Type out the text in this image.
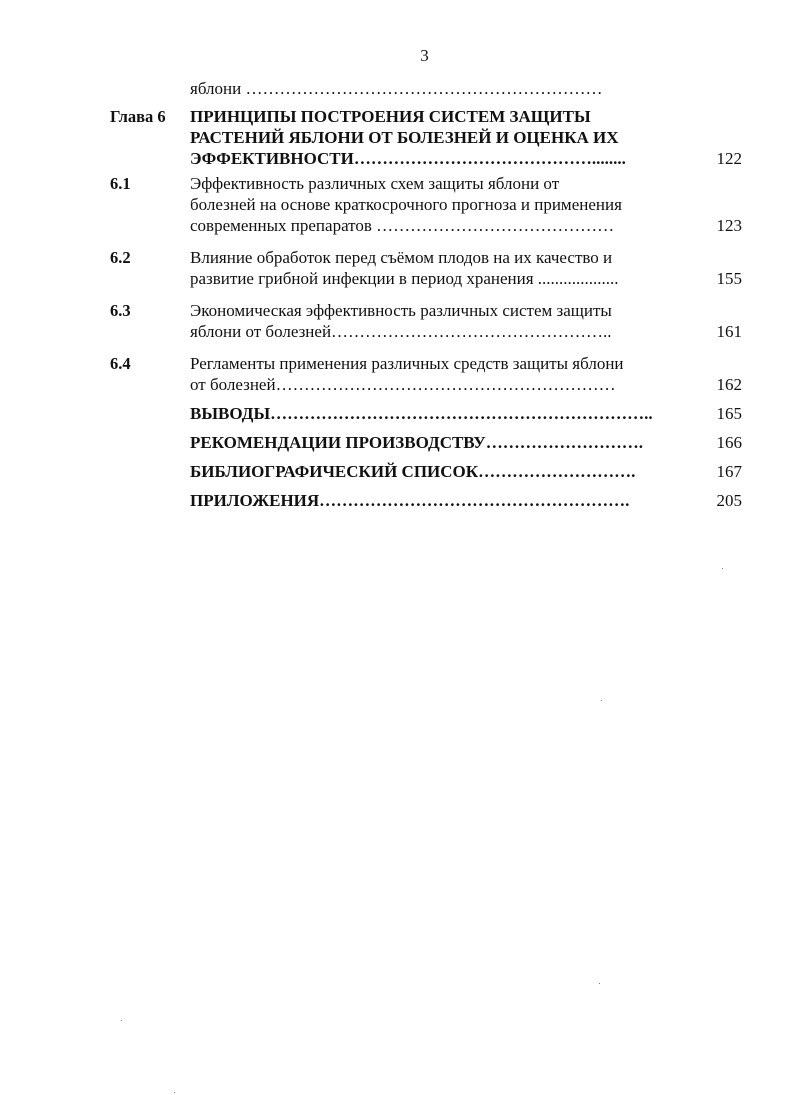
3
яблони ………………………………………………………
Глава 6 ПРИНЦИПЫ ПОСТРОЕНИЯ СИСТЕМ ЗАЩИТЫ
РАСТЕНИЙ ЯБЛОНИ ОТ БОЛЕЗНЕЙ И ОЦЕНКА ИХ
ЭФФЕКТИВНОСТИ……………………………………........	122
6.1	Эффективность различных схем защиты яблони от
болезней на основе краткосрочного прогноза и применения
современных препаратов ……………………………………	123
6.2	Влияние обработок перед съёмом плодов на их качество и
развитие грибной инфекции в период хранения ...................	155
6.3	Экономическая эффективность различных систем защиты
яблони от болезней…………………………………………..	161
6.4	Регламенты применения различных средств защиты яблони
от болезней……………………………………………………	162
ВЫВОДЫ…………………………………………………………..	165
РЕКОМЕНДАЦИИ ПРОИЗВОДСТВУ……………………….	166
БИБЛИОГРАФИЧЕСКИЙ СПИСОК……………………….	167
ПРИЛОЖЕНИЯ……………………………………………….	205
